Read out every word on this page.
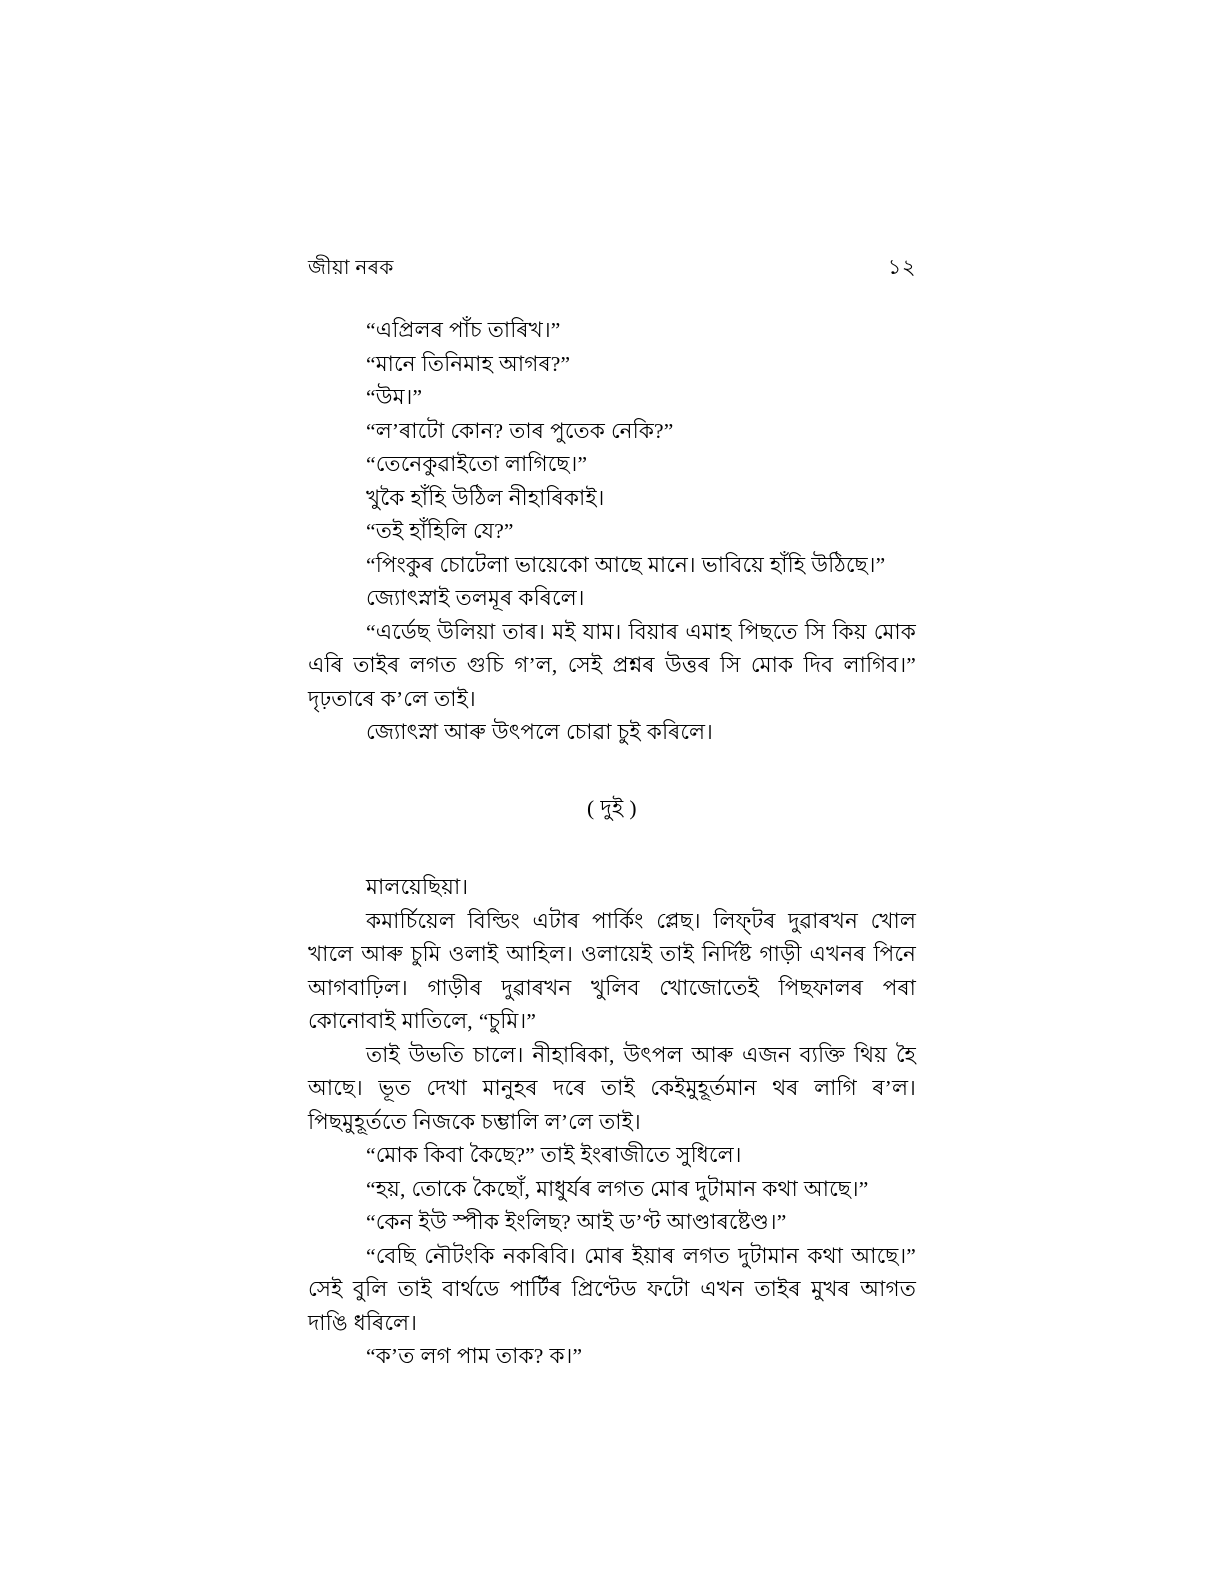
জীয়া নৰক	১২

“এপ্ৰিলৰ পাঁচ তাৰিখ।”

“মানে তিনিমাহ আগৰ?”

“উম।”

“ল’ৰাটো কোন? তাৰ পুতেক নেকি?”

“তেনেকুৱাইতো লাগিছে।”

খুকৈ হাঁহি উঠিল নীহাৰিকাই।

“তই হাঁহিলি যে?”

“পিংকুৰ চোটেলা ভায়েকো আছে মানে। ভাবিয়ে হাঁহি উঠিছে।”

জ্যোৎস্নাই তলমূৰ কৰিলে।

“এৰ্ডেছ উলিয়া তাৰ। মই যাম। বিয়াৰ এমাহ পিছতে সি কিয় মোক এৰি তাইৰ লগত গুচি গ’ল, সেই প্ৰশ্নৰ উত্তৰ সি মোক দিব লাগিব।” দৃঢ়তাৰে ক’লে তাই।

জ্যোৎস্না আৰু উৎপলে চোৱা চুই কৰিলে।

( দুই )

মালয়েছিয়া।

কমাৰ্চিয়েল বিল্ডিং এটাৰ পাৰ্কিং প্লেছ। লিফ্‌টৰ দুৱাৰখন খোল খালে আৰু চুমি ওলাই আহিল। ওলায়েই তাই নিৰ্দিষ্ট গাড়ী এখনৰ পিনে আগবাঢ়িল। গাড়ীৰ দুৱাৰখন খুলিব খোজোতেই পিছফালৰ পৰা কোনোবাই মাতিলে, “চুমি।”

তাই উভতি চালে। নীহাৰিকা, উৎপল আৰু এজন ব্যক্তি থিয় হৈ আছে। ভূত দেখা মানুহৰ দৰে তাই কেইমুহূৰ্তমান থৰ লাগি ৰ’ল। পিছমুহূৰ্ততে নিজকে চম্ভালি ল’লে তাই।

“মোক কিবা কৈছে?” তাই ইংৰাজীতে সুধিলে।

“হয়, তোকে কৈছোঁ, মাধুৰ্যৰ লগত মোৰ দুটামান কথা আছে।”

“কেন ইউ স্পীক ইংলিছ? আই ড’ণ্ট আণ্ডাৰষ্টেণ্ড।”

“বেছি নৌটংকি নকৰিবি। মোৰ ইয়াৰ লগত দুটামান কথা আছে।” সেই বুলি তাই বাৰ্থডে পাৰ্টিৰ প্ৰিণ্টেড ফটো এখন তাইৰ মুখৰ আগত দাঙি ধৰিলে।

“ক’ত লগ পাম তাক? ক।”
